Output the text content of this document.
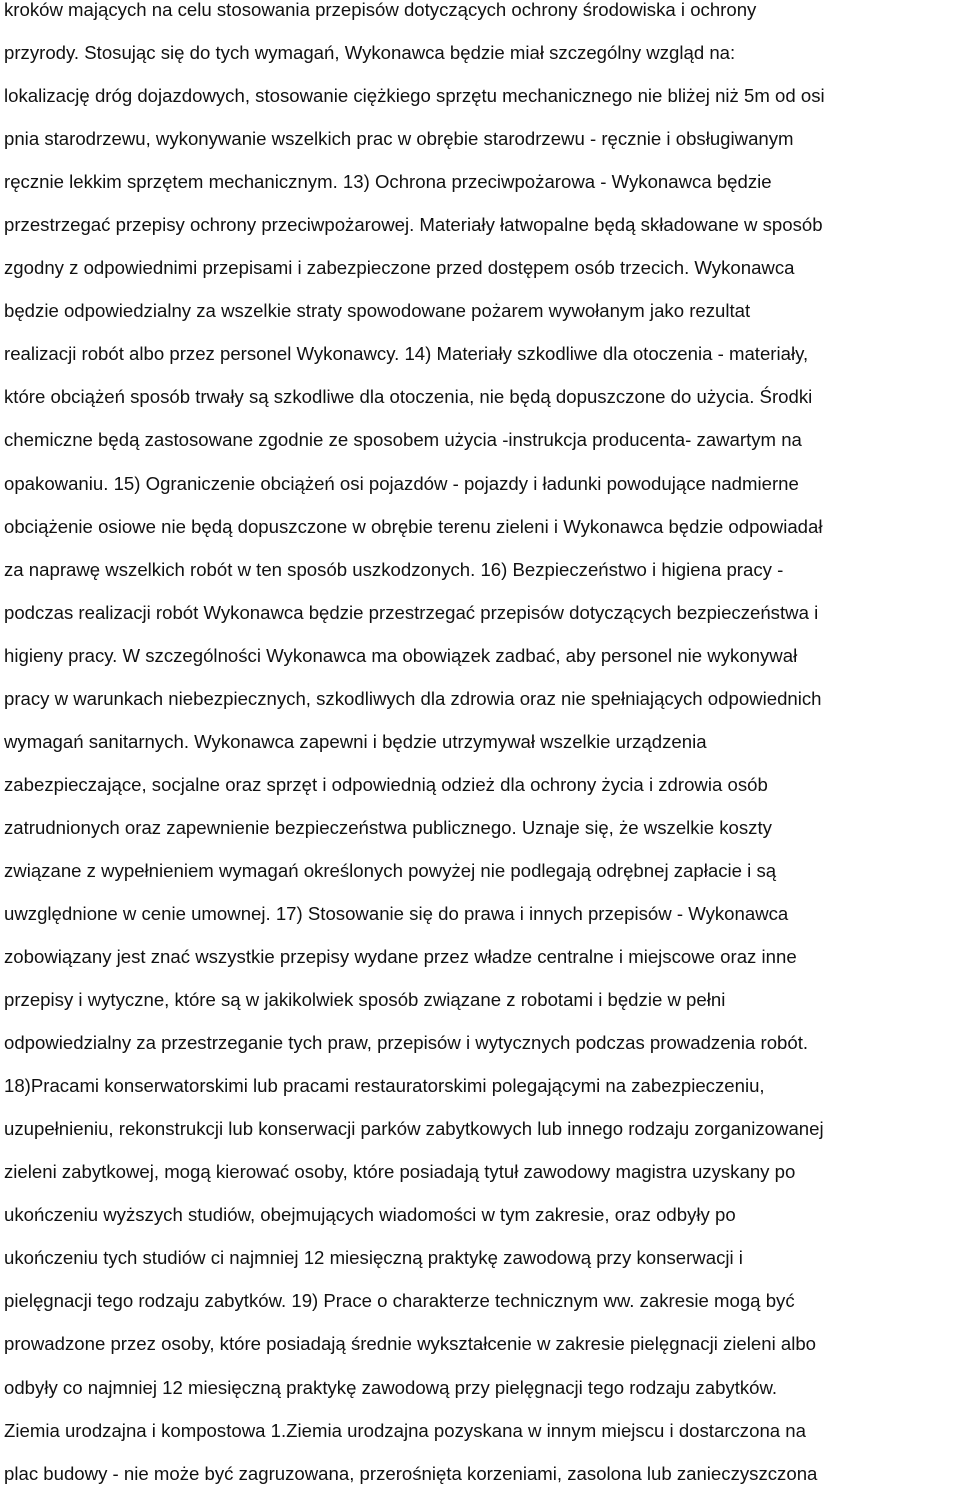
kroków mających na celu stosowania przepisów dotyczących ochrony środowiska i ochrony
przyrody. Stosując się do tych wymagań, Wykonawca będzie miał szczególny wzgląd na:
lokalizację dróg dojazdowych, stosowanie ciężkiego sprzętu mechanicznego nie bliżej niż 5m od osi
pnia starodrzewu, wykonywanie wszelkich prac w obrębie starodrzewu - ręcznie i obsługiwanym
ręcznie lekkim sprzętem mechanicznym. 13) Ochrona przeciwpożarowa - Wykonawca będzie
przestrzegać przepisy ochrony przeciwpożarowej. Materiały łatwopalne będą składowane w sposób
zgodny z odpowiednimi przepisami i zabezpieczone przed dostępem osób trzecich. Wykonawca
będzie odpowiedzialny za wszelkie straty spowodowane pożarem wywołanym jako rezultat
realizacji robót albo przez personel Wykonawcy. 14) Materiały szkodliwe dla otoczenia - materiały,
które obciążeń sposób trwały są szkodliwe dla otoczenia, nie będą dopuszczone do użycia. Środki
chemiczne będą zastosowane zgodnie ze sposobem użycia -instrukcja producenta- zawartym na
opakowaniu. 15) Ograniczenie obciążeń osi pojazdów - pojazdy i ładunki powodujące nadmierne
obciążenie osiowe nie będą dopuszczone w obrębie terenu zieleni i Wykonawca będzie odpowiadał
za naprawę wszelkich robót w ten sposób uszkodzonych. 16) Bezpieczeństwo i higiena pracy -
podczas realizacji robót Wykonawca będzie przestrzegać przepisów dotyczących bezpieczeństwa i
higieny pracy. W szczególności Wykonawca ma obowiązek zadbać, aby personel nie wykonywał
pracy w warunkach niebezpiecznych, szkodliwych dla zdrowia oraz nie spełniających odpowiednich
wymagań sanitarnych. Wykonawca zapewni i będzie utrzymywał wszelkie urządzenia
zabezpieczające, socjalne oraz sprzęt i odpowiednią odzież dla ochrony życia i zdrowia osób
zatrudnionych oraz zapewnienie bezpieczeństwa publicznego. Uznaje się, że wszelkie koszty
związane z wypełnieniem wymagań określonych powyżej nie podlegają odrębnej zapłacie i są
uwzględnione w cenie umownej. 17) Stosowanie się do prawa i innych przepisów - Wykonawca
zobowiązany jest znać wszystkie przepisy wydane przez władze centralne i miejscowe oraz inne
przepisy i wytyczne, które są w jakikolwiek sposób związane z robotami i będzie w pełni
odpowiedzialny za przestrzeganie tych praw, przepisów i wytycznych podczas prowadzenia robót.
18)Pracami konserwatorskimi lub pracami restauratorskimi polegającymi na zabezpieczeniu,
uzupełnieniu, rekonstrukcji lub konserwacji parków zabytkowych lub innego rodzaju zorganizowanej
zieleni zabytkowej, mogą kierować osoby, które posiadają tytuł zawodowy magistra uzyskany po
ukończeniu wyższych studiów, obejmujących wiadomości w tym zakresie, oraz odbyły po
ukończeniu tych studiów ci najmniej 12 miesięczną praktykę zawodową przy konserwacji i
pielęgnacji tego rodzaju zabytków. 19) Prace o charakterze technicznym ww. zakresie mogą być
prowadzone przez osoby, które posiadają średnie wykształcenie w zakresie pielęgnacji zieleni albo
odbyły co najmniej 12 miesięczną praktykę zawodową przy pielęgnacji tego rodzaju zabytków.
Ziemia urodzajna i kompostowa 1.Ziemia urodzajna pozyskana w innym miejscu i dostarczona na
plac budowy - nie może być zagruzowana, przerośnięta korzeniami, zasolona lub zanieczyszczona
